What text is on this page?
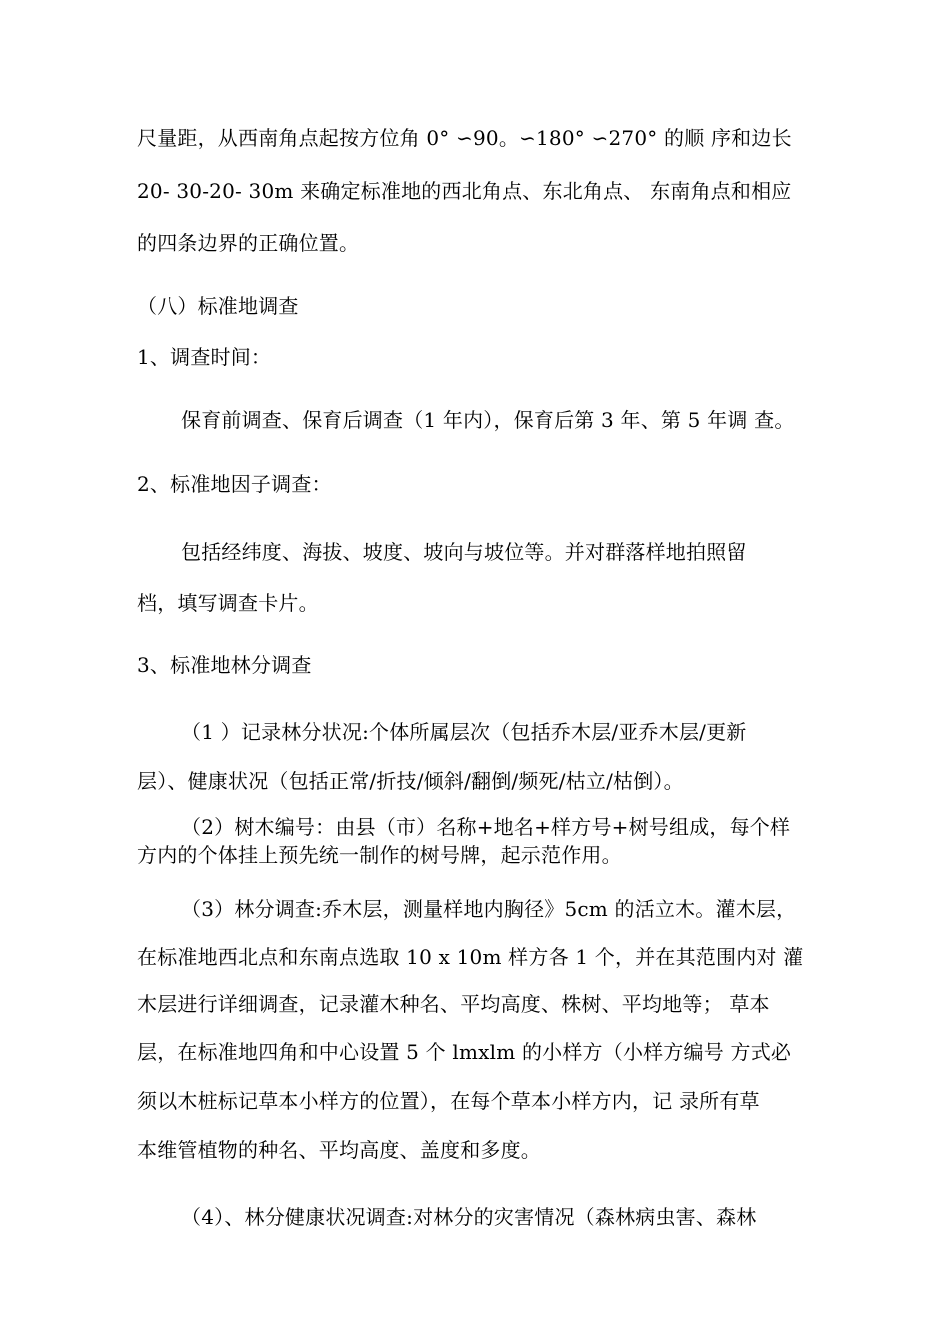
尺量距，从西南角点起按方位角 0° ∽90。∽180° ∽270° 的顺 序和边长
20- 30-20- 30m 来确定标准地的西北角点、东北角点、 东南角点和相应
的四条边界的正确位置。
（八）标准地调查
1、调查时间：
保育前调查、保育后调查（1 年内），保育后第 3 年、第 5 年调 查。
2、标准地因子调查：
包括经纬度、海拔、坡度、坡向与坡位等。并对群落样地拍照留
档，填写调查卡片。
3、标准地林分调查
（1 ）记录林分状况:个体所属层次（包括乔木层/亚乔木层/更新
层）、健康状况（包括正常/折技/倾斜/翻倒/频死/枯立/枯倒）。
（2）树木编号：由县（市）名称+地名+样方号+树号组成，每个样
方内的个体挂上预先统一制作的树号牌，起示范作用。
（3）林分调查:乔木层，测量样地内胸径》5cm 的活立木。灌木层，
在标准地西北点和东南点选取 10 x 10m 样方各 1 个，并在其范围内对 灌
木层进行详细调查，记录灌木种名、平均高度、株树、平均地等； 草本
层，在标准地四角和中心设置 5 个 lmxlm 的小样方（小样方编号 方式必
须以木桩标记草本小样方的位置），在每个草本小样方内，记 录所有草
本维管植物的种名、平均高度、盖度和多度。
（4）、林分健康状况调查:对林分的灾害情况（森林病虫害、森林
